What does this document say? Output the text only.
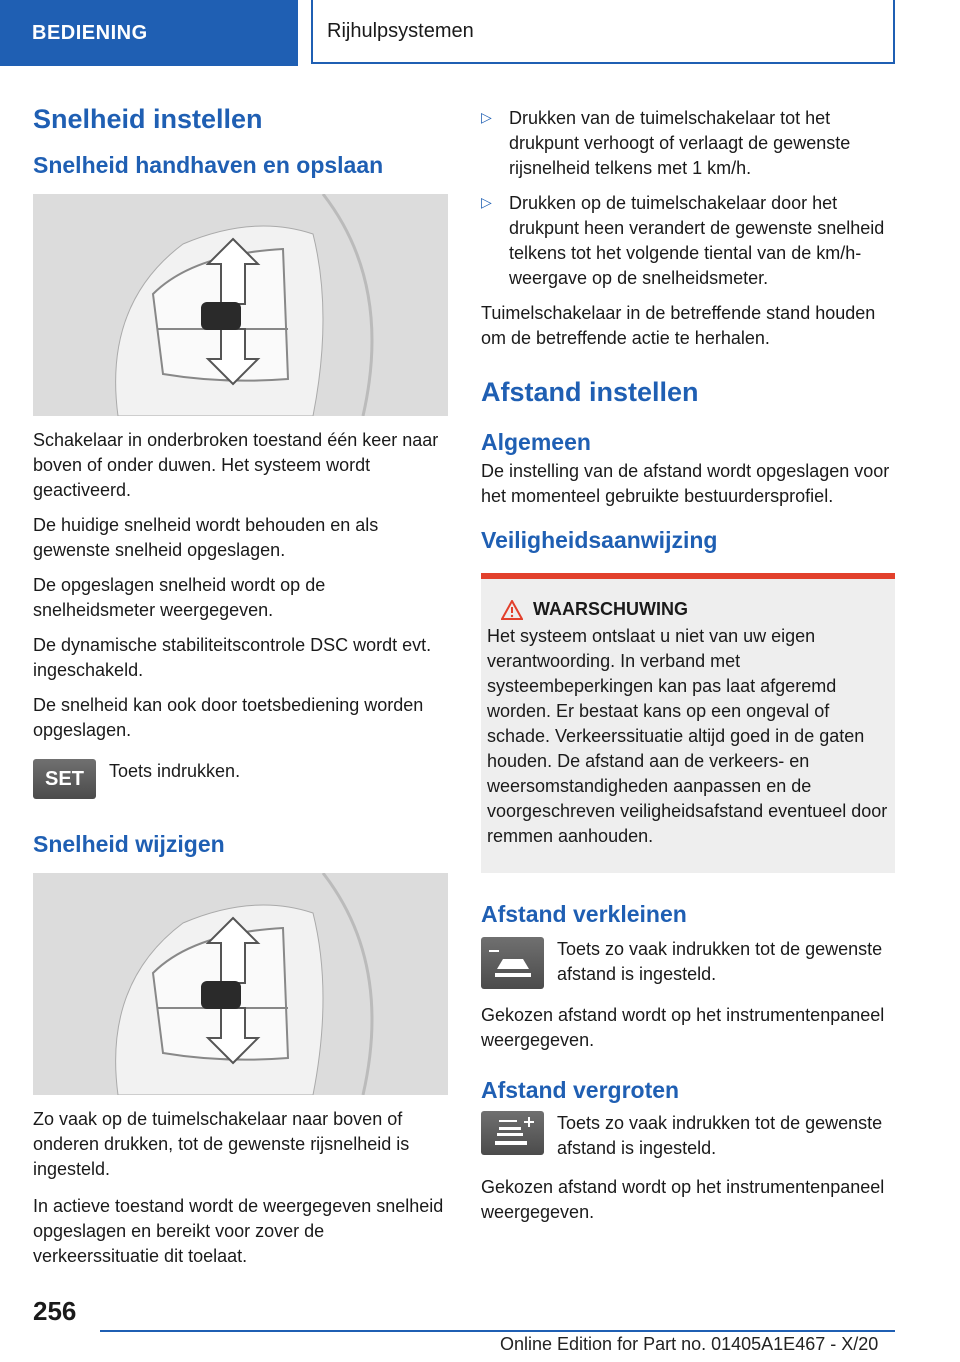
BEDIENING	Rijhulpsystemen
Snelheid instellen
Snelheid handhaven en opslaan

Schakelaar in onderbroken toestand één keer naar boven of onder duwen. Het systeem wordt geactiveerd.

De huidige snelheid wordt behouden en als gewenste snelheid opgeslagen.

De opgeslagen snelheid wordt op de snelheidsmeter weergegeven.

De dynamische stabiliteitscontrole DSC wordt evt. ingeschakeld.

De snelheid kan ook door toetsbediening worden opgeslagen.

SET	Toets indrukken.

Snelheid wijzigen

Zo vaak op de tuimelschakelaar naar boven of onderen drukken, tot de gewenste rijsnelheid is ingesteld.

In actieve toestand wordt de weergegeven snelheid opgeslagen en bereikt voor zover de verkeerssituatie dit toelaat.

▷ Drukken van de tuimelschakelaar tot het drukpunt verhoogt of verlaagt de gewenste rijsnelheid telkens met 1 km/h.

▷ Drukken op de tuimelschakelaar door het drukpunt heen verandert de gewenste snelheid telkens tot het volgende tiental van de km/h-weergave op de snelheidsmeter.

Tuimelschakelaar in de betreffende stand houden om de betreffende actie te herhalen.

Afstand instellen
Algemeen

De instelling van de afstand wordt opgeslagen voor het momenteel gebruikte bestuurdersprofiel.

Veiligheidsaanwijzing
WAARSCHUWING

Het systeem ontslaat u niet van uw eigen verantwoording. In verband met systeembeperkingen kan pas laat afgeremd worden. Er bestaat kans op een ongeval of schade. Verkeerssituatie altijd goed in de gaten houden. De afstand aan de verkeers- en weersomstandigheden aanpassen en de voorgeschreven veiligheidsafstand eventueel door remmen aanhouden.

Afstand verkleinen

Toets zo vaak indrukken tot de gewenste afstand is ingesteld.

Gekozen afstand wordt op het instrumentenpaneel weergegeven.

Afstand vergroten

Toets zo vaak indrukken tot de gewenste afstand is ingesteld.

Gekozen afstand wordt op het instrumentenpaneel weergegeven.

256
Online Edition for Part no. 01405A1E467 - X/20
